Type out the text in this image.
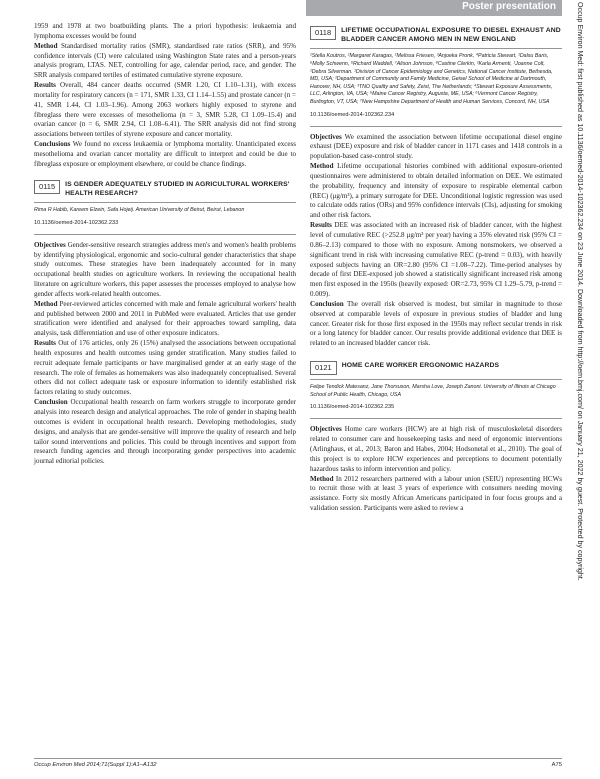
Poster presentation

1959 and 1978 at two boatbuilding plants. The a priori hypothesis: leukaemia and lymphoma excesses would be found

Method Standardised mortality ratios (SMR), standardised rate ratios (SRR), and 95% confidence intervals (CI) were calculated using Washington State rates and a person-years analysis program, LTAS. NET, controlling for age, calendar period, race, and gender. The SRR analysis compared tertiles of estimated cumulative styrene exposure.

Results Overall, 484 cancer deaths occurred (SMR 1.20, CI 1.10–1.31), with excess mortality for respiratory cancers (n = 171, SMR 1.33, CI 1.14–1.55) and prostate cancer (n = 41, SMR 1.44, CI 1.03–1.96). Among 2063 workers highly exposed to styrene and fibreglass there were excesses of mesothelioma (n = 3, SMR 5.28, CI 1.09–15.4) and ovarian cancer (n = 6, SMR 2.94, CI 1.08–6.41). The SRR analysis did not find strong associations between tertiles of styrene exposure and cancer mortality.

Conclusions We found no excess leukaemia or lymphoma mortality. Unanticipated excess mesothelioma and ovarian cancer mortality are difficult to interpret and could be due to fibreglass exposure or employment elsewhere, or could be chance findings.

0115	IS GENDER ADEQUATELY STUDIED IN AGRICULTURAL WORKERS' HEALTH RESEARCH?
Rima R Habib, Kareem Elzein, Safa Hojeij. American University of Beirut, Beirut, Lebanon
10.1136/oemed-2014-102362.233

Objectives Gender-sensitive research strategies address men's and women's health problems by identifying physiological, ergonomic and socio-cultural gender characteristics that shape study outcomes. These strategies have been inadequately accounted for in many occupational health studies on agriculture workers. In reviewing the occupational health literature on agriculture workers, this paper assesses the processes employed to analyse how gender affects work-related health outcomes.

Method Peer-reviewed articles concerned with male and female agricultural workers' health and published between 2000 and 2011 in PubMed were evaluated. Articles that use gender stratification were identified and analysed for their approaches toward sampling, data analysis, task differentiation and use of other exposure indicators.

Results Out of 176 articles, only 26 (15%) analysed the associations between occupational health exposures and health outcomes using gender stratification. Many studies failed to recruit adequate female participants or have marginalised gender at an early stage of the research. The role of females as homemakers was also inadequately conceptualised. Several others did not collect adequate task or exposure information to identify established risk factors relating to study outcomes.

Conclusion Occupational health research on farm workers struggle to incorporate gender analysis into research design and analytical approaches. The role of gender in shaping health outcomes is evident in occupational health research. Developing methodologies, study designs, and analysis that are gender-sensitive will improve the quality of research and help tailor sound interventions and policies. This could be through incentives and support from research funding agencies and through incorporating gender perspectives into academic journal editorial policies.

0118	LIFETIME OCCUPATIONAL EXPOSURE TO DIESEL EXHAUST AND BLADDER CANCER AMONG MEN IN NEW ENGLAND
¹Stella Koutros, ²Margaret Karagas, ¹Melissa Friesen, ³Anjoeka Pronk, ⁴Patricia Stewart, ¹Dalsu Baris, ⁵Molly Schwenn, ⁶Richard Waddell, ⁷Alison Johnson, ⁸Castine Clerkin, ²Karla Armenti, ¹Joanne Colt, ¹Debra Silverman. ¹Division of Cancer Epidemiology and Genetics, National Cancer Institute, Bethesda, MD, USA; ²Department of Community and Family Medicine, Geisel School of Medicine at Dartmouth, Hanover, NH, USA; ³TNO Quality and Safety, Zeist, The Netherlands; ⁴Stewart Exposure Assessments, LLC, Arlington, VA, USA; ⁵Maine Cancer Registry, Augusta, ME, USA; ⁶Vermont Cancer Registry, Burlington, VT, USA; ⁷New Hampshire Department of Health and Human Services, Concord, NH, USA
10.1136/oemed-2014-102362.234

Objectives We examined the association between lifetime occupational diesel engine exhaust (DEE) exposure and risk of bladder cancer in 1171 cases and 1418 controls in a population-based case-control study.

Method Lifetime occupational histories combined with additional exposure-oriented questionnaires were administered to obtain detailed information on DEE. We estimated the probability, frequency and intensity of exposure to respirable elemental carbon (REC) (μg/m³), a primary surrogate for DEE. Unconditional logistic regression was used to calculate odds ratios (ORs) and 95% confidence intervals (CIs), adjusting for smoking and other risk factors.

Results DEE was associated with an increased risk of bladder cancer, with the highest level of cumulative REC (>252.8 μg/m³ per year) having a 35% elevated risk (95% CI = 0.86–2.13) compared to those with no exposure. Among nonsmokers, we observed a significant trend in risk with increasing cumulative REC (p-trend = 0.03), with heavily exposed subjects having an OR=2.80 (95% CI =1.08–7.22). Time-period analyses by decade of first DEE-exposed job showed a statistically significant increased risk among men first exposed in the 1950s (heavily exposed: OR=2.73, 95% CI 1.29–5.79, p-trend = 0.009).

Conclusion The overall risk observed is modest, but similar in magnitude to those observed at comparable levels of exposure in previous studies of bladder and lung cancer. Greater risk for those first exposed in the 1950s may reflect secular trends in risk or a long latency for bladder cancer. Our results provide additional evidence that DEE is related to an increased bladder cancer risk.

0121	HOME CARE WORKER ERGONOMIC HAZARDS
Felipe Tendick Matesanz, Jane Thorsuson, Marsha Love, Joseph Zanoni. University of Illinois at Chicago School of Public Health, Chicago, USA
10.1136/oemed-2014-102362.235

Objectives Home care workers (HCW) are at high risk of musculoskeletal disorders related to consumer care and housekeeping tasks and need of ergonomic interventions (Arlinghaus, et al., 2013; Baron and Habes, 2004; Hodsonetal et al., 2010). The goal of this project is to explore HCW experiences and perceptions to document potentially hazardous tasks to inform intervention and policy.

Method In 2012 researchers partnered with a labour union (SEIU) representing HCWs to recruit those with at least 3 years of experience with consumers needing moving assistance. Forty six mostly African Americans participated in four focus groups and a validation session. Participants were asked to review a	Occup Environ Med: first published as 10.1136/oemed-2014-102362.234 on 23 June 2014. Downloaded from http://oem.bmj.com/ on January 21, 2022 by guest. Protected by copyright.
Occup Environ Med 2014;71(Suppl 1):A1–A132	A75
